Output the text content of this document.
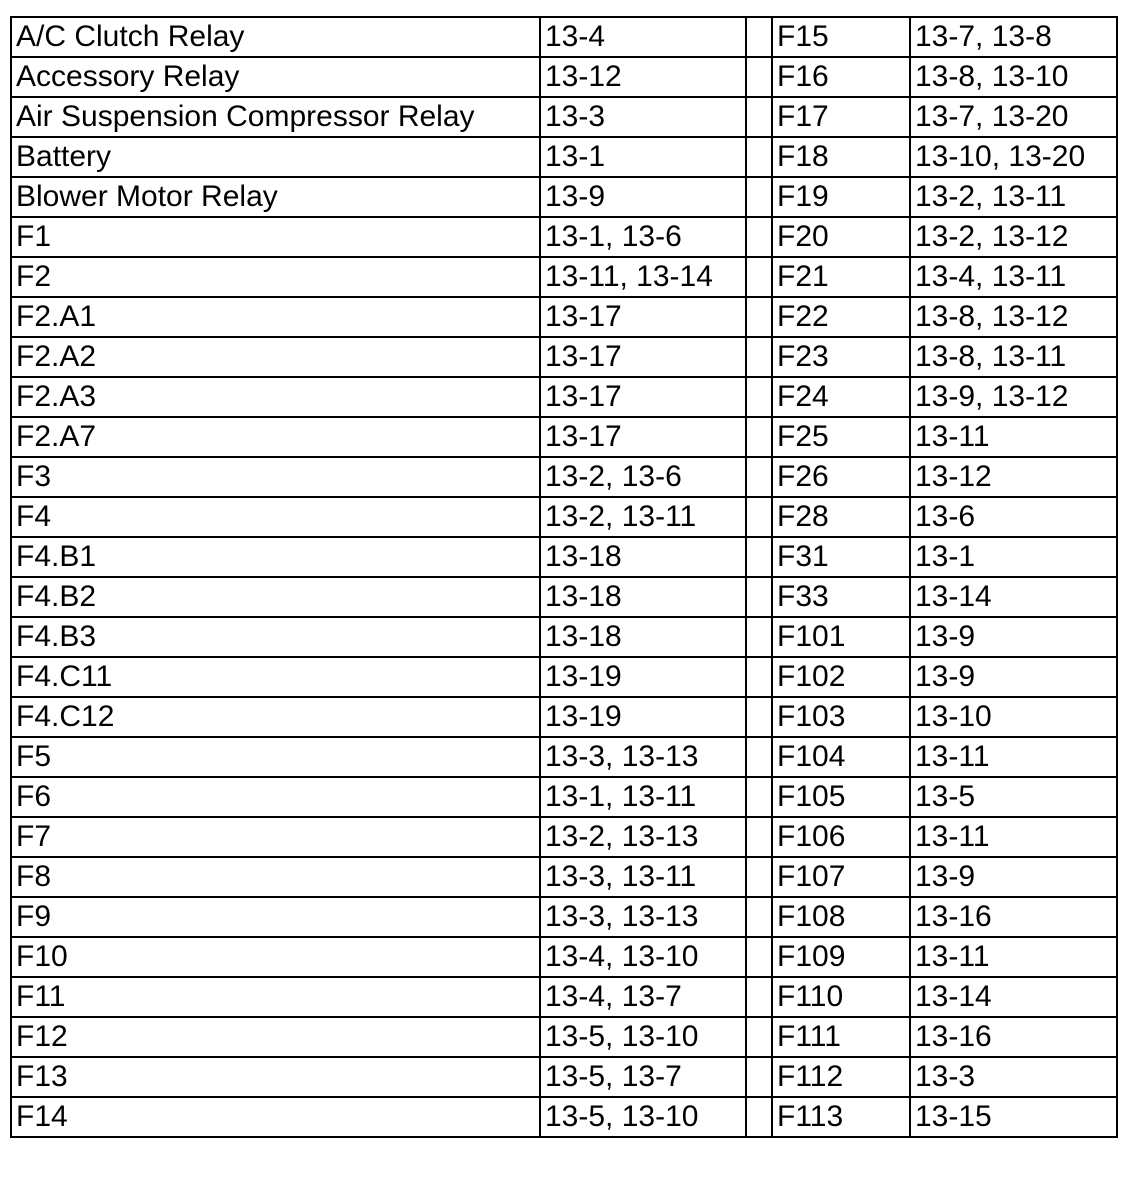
A/C Clutch Relay	13-4		F15	13-7, 13-8
Accessory Relay	13-12		F16	13-8, 13-10
Air Suspension Compressor Relay	13-3		F17	13-7, 13-20
Battery	13-1		F18	13-10, 13-20
Blower Motor Relay	13-9		F19	13-2, 13-11
F1	13-1, 13-6		F20	13-2, 13-12
F2	13-11, 13-14		F21	13-4, 13-11
F2.A1	13-17		F22	13-8, 13-12
F2.A2	13-17		F23	13-8, 13-11
F2.A3	13-17		F24	13-9, 13-12
F2.A7	13-17		F25	13-11
F3	13-2, 13-6		F26	13-12
F4	13-2, 13-11		F28	13-6
F4.B1	13-18		F31	13-1
F4.B2	13-18		F33	13-14
F4.B3	13-18		F101	13-9
F4.C11	13-19		F102	13-9
F4.C12	13-19		F103	13-10
F5	13-3, 13-13		F104	13-11
F6	13-1, 13-11		F105	13-5
F7	13-2, 13-13		F106	13-11
F8	13-3, 13-11		F107	13-9
F9	13-3, 13-13		F108	13-16
F10	13-4, 13-10		F109	13-11
F11	13-4, 13-7		F110	13-14
F12	13-5, 13-10		F111	13-16
F13	13-5, 13-7		F112	13-3
F14	13-5, 13-10		F113	13-15
